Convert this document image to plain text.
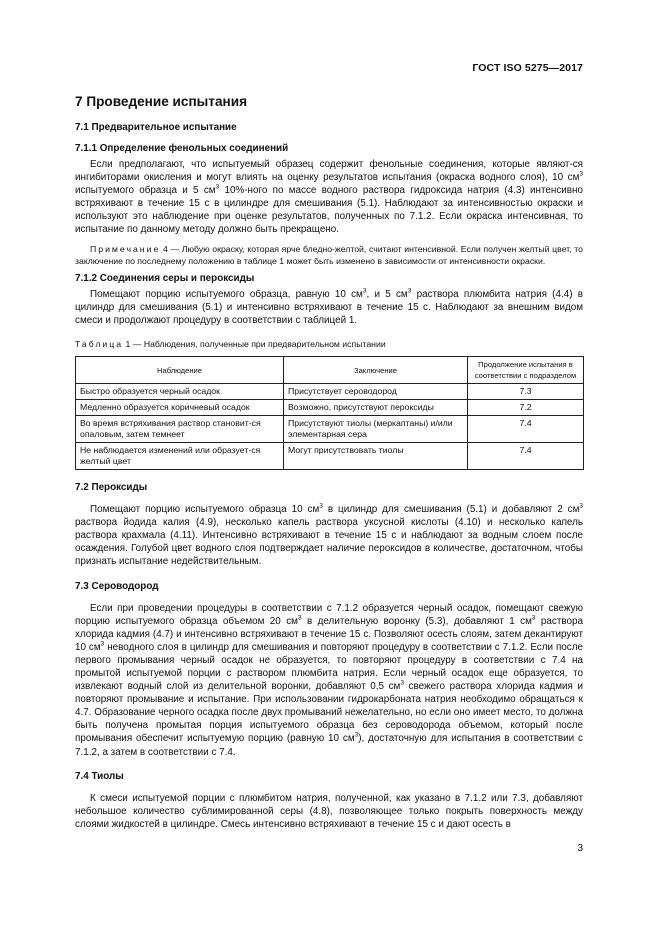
ГОСТ ISO 5275—2017
7 Проведение испытания
7.1 Предварительное испытание
7.1.1 Определение фенольных соединений

Если предполагают, что испытуемый образец содержит фенольные соединения, которые являют-ся ингибиторами окисления и могут влиять на оценку результатов испытания (окраска водного слоя), 10 $см^3$ испытуемого образца и 5 $см^3$ 10%-ного по массе водного раствора гидроксида натрия (4.3) интенсивно встряхивают в течение 15 с в цилиндре для смешивания (5.1). Наблюдают за интенсивностью окраски и используют это наблюдение при оценке результатов, полученных по 7.1.2. Если окраска интенсивная, то испытание по данному методу должно быть прекращено.

Примечание 4 — Любую окраску, которая ярче бледно-желтой, считают интенсивной. Если получен желтый цвет, то заключение по последнему положению в таблице 1 может быть изменено в зависимости от интенсивности окраски.

7.1.2 Соединения серы и пероксиды

Помещают порцию испытуемого образца, равную 10 $см^3$, и 5 $см^3$ раствора плюмбита натрия (4.4) в цилиндр для смешивания (5.1) и интенсивно встряхивают в течение 15 с. Наблюдают за внешним видом смеси и продолжают процедуру в соответствии с таблицей 1.

Таблица 1 — Наблюдения, полученные при предварительном испытании
Наблюдение	Заключение	Продолжение испытания в соответствии с подразделом
Быстро образуется черный осадок	Присутствует сероводород	7.3
Медленно образуется коричневый осадок	Возможно, присутствуют пероксиды	7.2
Во время встряхивания раствор становит-ся опаловым, затем темнеет	Присутствуют тиолы (меркаптаны) и/или элементарная сера	7.4
Не наблюдается изменений или образует-ся желтый цвет	Могут присутствовать тиолы	7.4
7.2 Пероксиды

Помещают порцию испытуемого образца 10 $см^3$ в цилиндр для смешивания (5.1) и добавляют 2 $см^3$ раствора йодида калия (4.9), несколько капель раствора уксусной кислоты (4.10) и несколько капель раствора крахмала (4.11). Интенсивно встряхивают в течение 15 с и наблюдают за водным слоем после осаждения. Голубой цвет водного слоя подтверждает наличие пероксидов в количестве, достаточном, чтобы признать испытание недействительным.

7.3 Сероводород

Если при проведении процедуры в соответствии с 7.1.2 образуется черный осадок, помещают свежую порцию испытуемого образца объемом 20 $см^3$ в делительную воронку (5.3), добавляют 1 $см^3$ раствора хлорида кадмия (4.7) и интенсивно встряхивают в течение 15 с. Позволяют осесть слоям, затем декантируют 10 $см^3$ неводного слоя в цилиндр для смешивания и повторяют процедуру в соответствии с 7.1.2. Если после первого промывания черный осадок не образуется, то повторяют процедуру в соответствии с 7.4 на промытой испытуемой порции с раствором плюмбита натрия. Если черный осадок еще образуется, то извлекают водный слой из делительной воронки, добавляют 0,5 $см^3$ свежего раствора хлорида кадмия и повторяют промывание и испытание. При использовании гидрокарбоната натрия необходимо обращаться к 4.7. Образование черного осадка после двух промываний нежелательно, но если оно имеет место, то должна быть получена промытая порция испытуемого образца без сероводорода объемом, который после промывания обеспечит испытуемую порцию (равную 10 $см^3$), достаточную для испытания в соответствии с 7.1.2, а затем в соответствии с 7.4.

7.4 Тиолы

К смеси испытуемой порции с плюмбитом натрия, полученной, как указано в 7.1.2 или 7.3, добавляют небольшое количество сублимированной серы (4.8), позволяющее только покрыть поверхность между слоями жидкостей в цилиндре. Смесь интенсивно встряхивают в течение 15 с и дают осесть в

3
